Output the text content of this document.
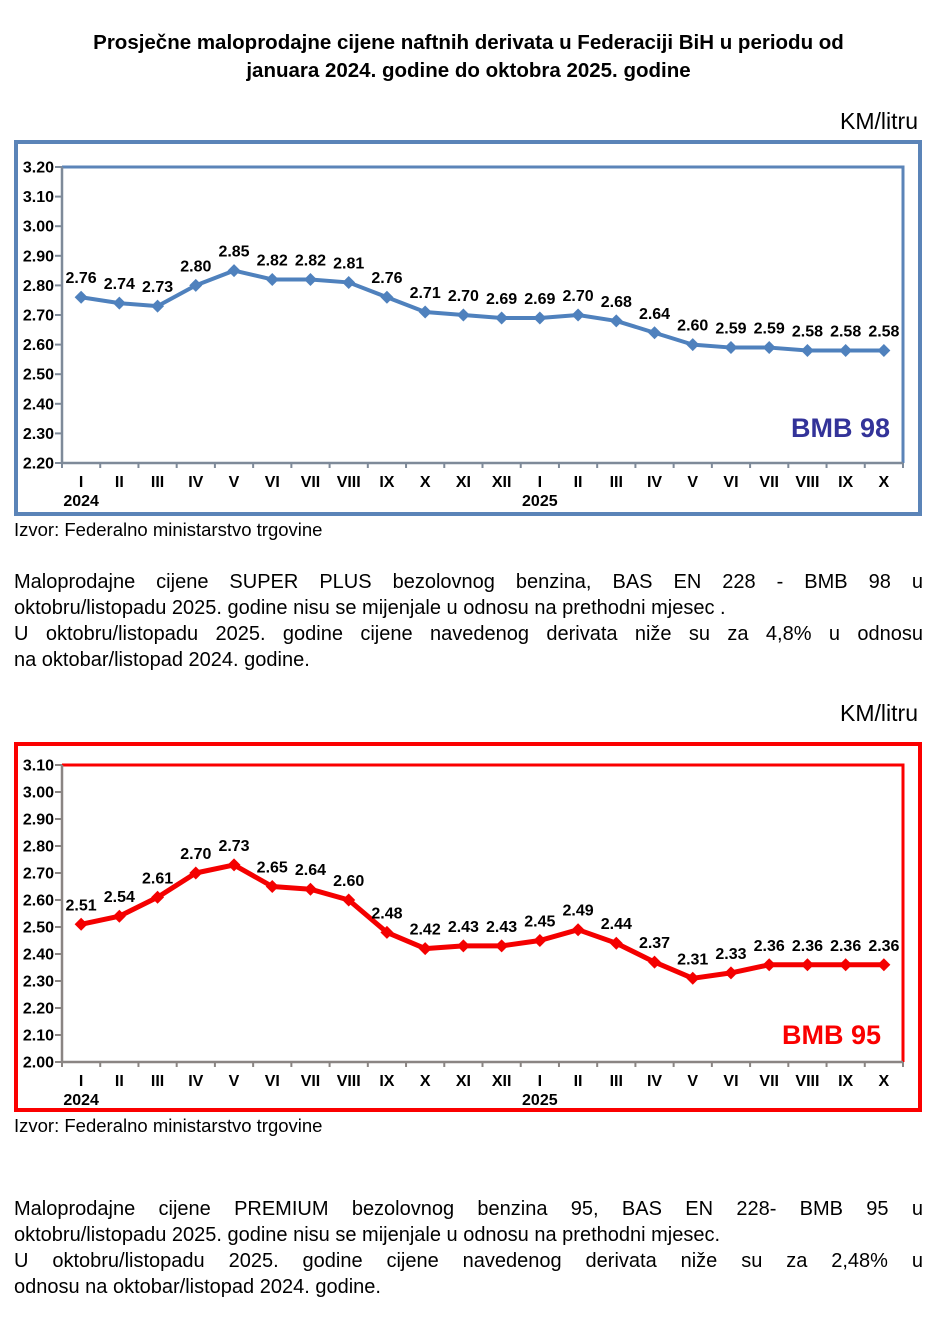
Prosječne maloprodajne cijene naftnih derivata u Federaciji BiH u periodu od
januara 2024. godine do oktobra 2025. godine
KM/litru
3.20
3.10
3.00
2.90
2.80
2.70
2.60
2.50
2.40
2.30
2.20
I II III IV V VI VII VIII IX X XI XII I II III IV V VI VII VIII IX X
2024	2025
2.76 2.74 2.73
2.80
2.85
2.82 2.82 2.81
2.76
2.71 2.70 2.69 2.69 2.70 2.68
2.64
2.60 2.59 2.59 2.58 2.58 2.58
BMB 98
Izvor: Federalno ministarstvo trgovine
Maloprodajne cijene SUPER PLUS bezolovnog benzina, BAS EN 228 - BMB 98 u
oktobru/listopadu 2025. godine nisu se mijenjale u odnosu na prethodni mjesec .
U oktobru/listopadu 2025. godine cijene navedenog derivata niže su za 4,8% u odnosu
na oktobar/listopad 2024. godine.
KM/litru
3.10
3.00
2.90
2.80
2.70
2.60
2.50
2.40
2.30
2.20
2.10
2.00
I II III IV V VI VII VIII IX X XI XII I II III IV V VI VII VIII IX X
2024	2025
2.51 2.54
2.61
2.70 2.73
2.65 2.64
2.60
2.48
2.42 2.43 2.43 2.45
2.49
2.44
2.37
2.31 2.33 2.36 2.36 2.36 2.36
BMB 95
Izvor: Federalno ministarstvo trgovine
Maloprodajne cijene PREMIUM bezolovnog benzina 95, BAS EN 228- BMB 95 u
oktobru/listopadu 2025. godine nisu se mijenjale u odnosu na prethodni mjesec.
U oktobru/listopadu 2025. godine cijene navedenog derivata niže su za 2,48% u
odnosu na oktobar/listopad 2024. godine.
